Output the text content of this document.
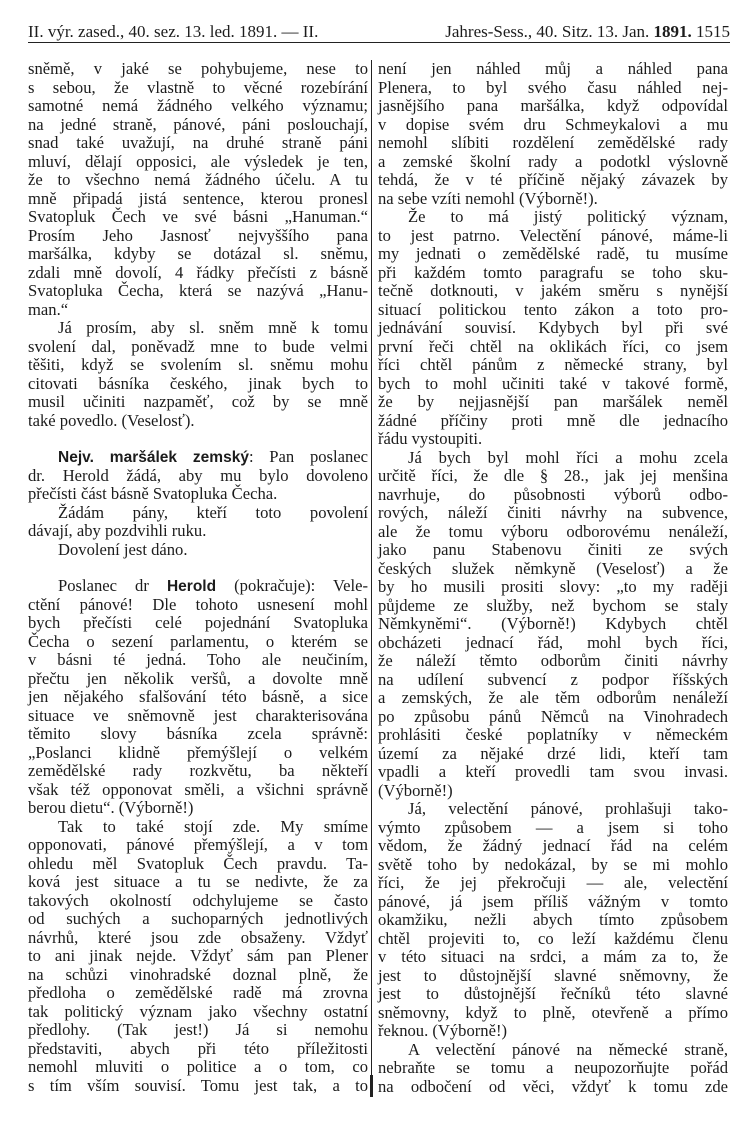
II. výr. zased., 40. sez. 13. led. 1891. — II.	Jahres-Sess., 40. Sitz. 13. Jan. 1891. 1515
sněmě, v jaké se pohybujeme, nese to
s sebou, že vlastně to věcné rozebírání
samotné nemá žádného velkého významu;
na jedné straně, pánové, páni poslouchají,
snad také uvažují, na druhé straně páni
mluví, dělají opposici, ale výsledek je ten,
že to všechno nemá žádného účelu. A tu
mně připadá jistá sentence, kterou pronesl
Svatopluk Čech ve své básni „Hanuman.“
Prosím Jeho Jasnosť nejvyššího pana
maršálka, kdyby se dotázal sl. sněmu,
zdali mně dovolí, 4 řádky přečísti z básně
Svatopluka Čecha, která se nazývá „Hanu-
man.“
Já prosím, aby sl. sněm mně k tomu
svolení dal, poněvadž mne to bude velmi
těšiti, když se svolením sl. sněmu mohu
citovati básníka českého, jinak bych to
musil učiniti nazpaměť, což by se mně
také povedlo. (Veselosť).
Nejv. maršálek zemský: Pan poslanec
dr. Herold žádá, aby mu bylo dovoleno
přečísti část básně Svatopluka Čecha.
Žádám pány, kteří toto povolení
dávají, aby pozdvihli ruku.
Dovolení jest dáno.
Poslanec dr Herold (pokračuje): Vele-
ctění pánové! Dle tohoto usnesení mohl
bych přečísti celé pojednání Svatopluka
Čecha o sezení parlamentu, o kterém se
v básni té jedná. Toho ale neučiním,
přečtu jen několik veršů, a dovolte mně
jen nějakého sfalšování této básně, a sice
situace ve sněmovně jest charakterisována
těmito slovy básníka zcela správně:
„Poslanci klidně přemýšlejí o velkém
zemědělské rady rozkvětu, ba někteří
však též opponovat směli, a všichni správně
berou dietu“. (Výborně!)
Tak to také stojí zde. My smíme
opponovati, pánové přemýšlejí, a v tom
ohledu měl Svatopluk Čech pravdu. Ta-
ková jest situace a tu se nedivte, že za
takových okolností odchylujeme se často
od suchých a suchoparných jednotlivých
návrhů, které jsou zde obsaženy. Vždyť
to ani jinak nejde. Vždyť sám pan Plener
na schůzi vinohradské doznal plně, že
předloha o zemědělské radě má zrovna
tak politický význam jako všechny ostatní
předlohy. (Tak jest!) Já si nemohu
představiti, abych při této příležitosti
nemohl mluviti o politice a o tom, co
s tím vším souvisí. Tomu jest tak, a to
není jen náhled můj a náhled pana
Plenera, to byl svého času náhled nej-
jasnějšího pana maršálka, když odpovídal
v dopise svém dru Schmeykalovi a mu
nemohl slíbiti rozdělení zemědělské rady
a zemské školní rady a podotkl výslovně
tehdá, že v té příčině nějaký závazek by
na sebe vzíti nemohl (Výborně!).
Že to má jistý politický význam,
to jest patrno. Velectění pánové, máme-li
my jednati o zemědělské radě, tu musíme
při každém tomto paragrafu se toho sku-
tečně dotknouti, v jakém směru s nynější
situací politickou tento zákon a toto pro-
jednávání souvisí. Kdybych byl při své
první řeči chtěl na oklikách říci, co jsem
říci chtěl pánům z německé strany, byl
bych to mohl učiniti také v takové formě,
že by nejjasnější pan maršálek neměl
žádné příčiny proti mně dle jednacího
řádu vystoupiti.
Já bych byl mohl říci a mohu zcela
určitě říci, že dle § 28., jak jej menšina
navrhuje, do působnosti výborů odbo-
rových, náleží činiti návrhy na subvence,
ale že tomu výboru odborovému nenáleží,
jako panu Stabenovu činiti ze svých
českých služek němkyně (Veselosť) a že
by ho musili prositi slovy: „to my raději
půjdeme ze služby, než bychom se staly
Němkyněmi“. (Výborně!) Kdybych chtěl
obcházeti jednací řád, mohl bych říci,
že náleží těmto odborům činiti návrhy
na udílení subvencí z podpor říšských
a zemských, že ale těm odborům nenáleží
po způsobu pánů Němců na Vinohradech
prohlásiti české poplatníky v německém
území za nějaké drzé lidi, kteří tam
vpadli a kteří provedli tam svou invasi.
(Výborně!)
Já, velectění pánové, prohlašuji tako-
výmto způsobem — a jsem si toho
vědom, že žádný jednací řád na celém
světě toho by nedokázal, by se mi mohlo
říci, že jej překročuji — ale, velectění
pánové, já jsem příliš vážným v tomto
okamžiku, nežli abych tímto způsobem
chtěl projeviti to, co leží každému členu
v této situaci na srdci, a mám za to, že
jest to důstojnější slavné sněmovny, že
jest to důstojnější řečníků této slavné
sněmovny, když to plně, otevřeně a přímo
řeknou. (Výborně!)
A velectění pánové na německé straně,
nebraňte se tomu a neupozorňujte pořád
na odbočení od věci, vždyť k tomu zde
